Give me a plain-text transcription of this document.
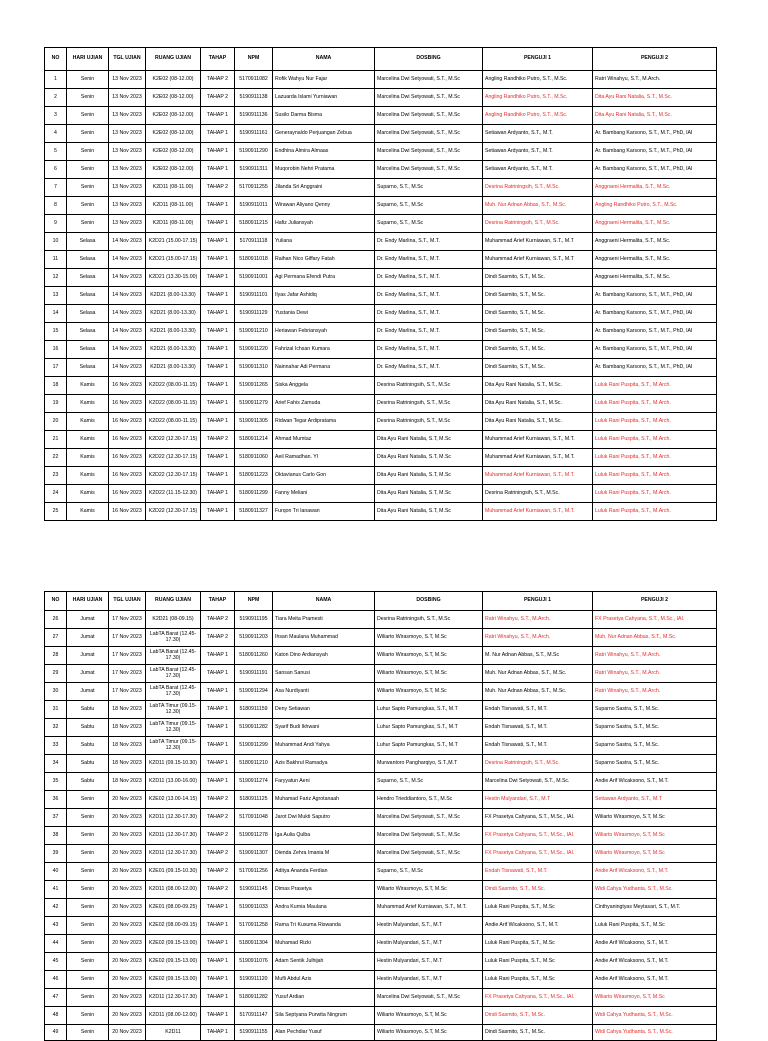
NO	HARI UJIAN	TGL UJIAN	RUANG UJIAN	TAHAP	NPM	NAMA	DOSBING	PENGUJI 1	PENGUJI 2
1	Senin	13 Nov 2023	K2E02 (08-12.00)	TAHAP 2	5170911082	Rofik Wahyu Nur Fajar	Marcelina Dwi Setyowati, S.T., M.Sc	Angling Randhiko Putro, S.T., M.Sc.	Ratri Winahyu, S.T., M.Arch.
2	Senin	13 Nov 2023	K2E02 (08-12.00)	TAHAP 2	5190911138	Lazuarda Islami Yurniawan	Marcelina Dwi Setyowati, S.T., M.Sc	Angling Randhiko Putro, S.T., M.Sc.	Dita Ayu Rani Natalia, S.T., M.Sc.
3	Senin	13 Nov 2023	K2E02 (08-12.00)	TAHAP 1	5190911136	Susilo Darma Bisma	Marcelina Dwi Setyowati, S.T., M.Sc	Angling Randhiko Putro, S.T., M.Sc.	Dita Ayu Rani Natalia, S.T., M.Sc.
4	Senin	13 Nov 2023	K2E02 (08-12.00)	TAHAP 1	5190911161	Generaynaldo Perjuangan Zebua	Marcelina Dwi Setyowati, S.T., M.Sc	Setiawan Ardyanto, S.T., M.T.	Ar. Bambang Karsono, S.T., M.T., PhD, IAI
5	Senin	13 Nov 2023	K2E02 (08-12.00)	TAHAP 1	5190911290	Endhina Almira Almaas	Marcelina Dwi Setyowati, S.T., M.Sc	Setiawan Ardyanto, S.T., M.T.	Ar. Bambang Karsono, S.T., M.T., PhD, IAI
6	Senin	13 Nov 2023	K2E02 (08-12.00)	TAHAP 1	5190911311	Muqorobin Nehri Pratama	Marcelina Dwi Setyowati, S.T., M.Sc	Setiawan Ardyanto, S.T., M.T.	Ar. Bambang Karsono, S.T., M.T., PhD, IAI
7	Senin	13 Nov 2023	K2D11 (08-11.00)	TAHAP 2	5170911255	Jilanda Sri Anggraini	Suparno, S.T., M.Sc	Desrina Ratriningsih, S.T., M.Sc.	Anggraeni Hermalita, S.T., M.Sc.
8	Senin	13 Nov 2023	K2D11 (08-11.00)	TAHAP 1	5190911011	Wirawan Aliyano Qenny	Suparno, S.T., M.Sc	Muh. Nur Adnan Abbas, S.T., M.Sc.	Angling Randhiko Putro, S.T., M.Sc.
9	Senin	13 Nov 2023	K2D11 (08-11.00)	TAHAP 1	5180911215	Hafiz Juliansyah	Suparno, S.T., M.Sc	Desrina Ratriningsih, S.T., M.Sc.	Anggraeni Hermalita, S.T., M.Sc.
10	Selasa	14 Nov 2023	K2D21 (15.00-17.15)	TAHAP 1	5170911118	Yuliana	Dr. Endy Marlina, S.T., M.T.	Muhammad Arief Kurniawan, S.T., M.T	Anggraeni Hermalita, S.T., M.Sc.
11	Selasa	14 Nov 2023	K2D21 (15.00-17.15)	TAHAP 1	5180911018	Raihan Nico Giffary Fatah	Dr. Endy Marlina, S.T., M.T.	Muhammad Arief Kurniawan, S.T., M.T	Anggraeni Hermalita, S.T., M.Sc.
12	Selasa	14 Nov 2023	K2D21 (13.30-15.00)	TAHAP 1	5190911001	Agi Permana Efendi Putra	Dr. Endy Marlina, S.T., M.T.	Dindi Sasmito, S.T., M.Sc.	Anggraeni Hermalita, S.T., M.Sc.
13	Selasa	14 Nov 2023	K2D21 (8.00-13.30)	TAHAP 1	5190911101	Ilyas Jafar Ashidiq	Dr. Endy Marlina, S.T., M.T.	Dindi Sasmito, S.T., M.Sc.	Ar. Bambang Karsono, S.T., M.T., PhD, IAI
14	Selasa	14 Nov 2023	K2D21 (8.00-13.30)	TAHAP 1	5190911129	Yustania Dewi	Dr. Endy Marlina, S.T., M.T.	Dindi Sasmito, S.T., M.Sc.	Ar. Bambang Karsono, S.T., M.T., PhD, IAI
15	Selasa	14 Nov 2023	K2D21 (8.00-13.30)	TAHAP 1	5190911210	Heriawan Febriansyah	Dr. Endy Marlina, S.T., M.T.	Dindi Sasmito, S.T., M.Sc.	Ar. Bambang Karsono, S.T., M.T., PhD, IAI
16	Selasa	14 Nov 2023	K2D21 (8.00-13.30)	TAHAP 1	5190911220	Fahrizal Ichsan Kumara	Dr. Endy Marlina, S.T., M.T.	Dindi Sasmito, S.T., M.Sc.	Ar. Bambang Karsono, S.T., M.T., PhD, IAI
17	Selasa	14 Nov 2023	K2D21 (8.00-13.30)	TAHAP 1	5190911310	Nainnahar Adi Permana	Dr. Endy Marlina, S.T., M.T.	Dindi Sasmito, S.T., M.Sc.	Ar. Bambang Karsono, S.T., M.T., PhD, IAI
18	Kamis	16 Nov 2023	K2D22 (08.00-11.15)	TAHAP 1	5190911265	Siska Anggela	Desrina Ratriningsih, S.T., M.Sc	Dita Ayu Rani Natalia, S.T., M.Sc.	Luluk Rani Puspita, S.T., M.Arch.
19	Kamis	16 Nov 2023	K2D22 (08.00-11.15)	TAHAP 1	5190911279	Arief Fahis Zamuda	Desrina Ratriningsih, S.T., M.Sc	Dita Ayu Rani Natalia, S.T., M.Sc.	Luluk Rani Puspita, S.T., M.Arch.
20	Kamis	16 Nov 2023	K2D22 (08.00-11.15)	TAHAP 1	5190911305	Ridwan Tegar Ardipratama	Desrina Ratriningsih, S.T., M.Sc	Dita Ayu Rani Natalia, S.T., M.Sc.	Luluk Rani Puspita, S.T., M.Arch.
21	Kamis	16 Nov 2023	K2D22 (12.30-17.15)	TAHAP 2	5180911214	Ahmad Mumtaz	Dita Ayu Rani Natalia, S.T, M.Sc	Muhammad Arief Kurniawan, S.T., M.T.	Luluk Rani Puspita, S.T., M.Arch.
22	Kamis	16 Nov 2023	K2D22 (12.30-17.15)	TAHAP 1	5180911060	Aeil Ramadhan. YI	Dita Ayu Rani Natalia, S.T, M.Sc	Muhammad Arief Kurniawan, S.T., M.T.	Luluk Rani Puspita, S.T., M.Arch.
23	Kamis	16 Nov 2023	K2D22 (12.30-17.15)	TAHAP 1	5180911223	Oktavianus Carlo Gon	Dita Ayu Rani Natalia, S.T, M.Sc	Muhammad Arief Kurniawan, S.T., M.T.	Luluk Rani Puspita, S.T., M.Arch.
24	Kamis	16 Nov 2023	K2D22 (11.15-12.30)	TAHAP 1	5180911299	Fanny Meliani	Dita Ayu Rani Natalia, S.T, M.Sc	Desrina Ratriningsih, S.T., M.Sc.	Luluk Rani Puspita, S.T., M.Arch.
25	Kamis	16 Nov 2023	K2D22 (12.30-17.15)	TAHAP 1	5180911327	Furqon Tri Ianawan	Dita Ayu Rani Natalia, S.T, M.Sc	Muhammad Arief Kurniawan, S.T., M.T.	Luluk Rani Puspita, S.T., M.Arch.
NO	HARI UJIAN	TGL UJIAN	RUANG UJIAN	TAHAP	NPM	NAMA	DOSBING	PENGUJI 1	PENGUJI 2
26	Jumat	17 Nov 2023	K2D21 (08-09.15)	TAHAP 2	5190911195	Tiara Meita Pramesti	Desrina Ratriningsih, S.T., M.Sc	Ratri Winahyu, S.T., M.Arch.	FX Prasetya Cahyana, S.T., M.Sc., IAI.
27	Jumat	17 Nov 2023	LabTA Barat (12.45-17.30)	TAHAP 2	5190911203	Ihsan Maulana Muhammad	Wiliarto Wirasmoyo, S.T, M.Sc	Ratri Winahyu, S.T., M.Arch.	Muh. Nur Adnan Abbas, S.T., M.Sc.
28	Jumat	17 Nov 2023	LabTA Barat (12.45-17.30)	TAHAP 1	5180911260	Katon Dino Ardiansyah	Wiliarto Wirasmoyo, S.T, M.Sc	M. Nur Adnan Abbas, S.T., M.Sc	Ratri Winahyu, S.T., M.Arch.
29	Jumat	17 Nov 2023	LabTA Barat (12.45-17.30)	TAHAP 1	5190911191	Sansan Sanusi	Wiliarto Wirasmoyo, S.T, M.Sc	Muh. Nur Adnan Abbas, S.T., M.Sc.	Ratri Winahyu, S.T., M.Arch.
30	Jumat	17 Nov 2023	LabTA Barat (12.45-17.30)	TAHAP 1	5190911294	Asa Nurdiyanti	Wiliarto Wirasmoyo, S.T, M.Sc	Muh. Nur Adnan Abbas, S.T., M.Sc.	Ratri Winahyu, S.T., M.Arch.
31	Sabtu	18 Nov 2023	LabTA Timur (09.15-12.30)	TAHAP 1	5180911159	Deny Setiawan	Luhur Sapto Pamungkas, S.T., M.T	Endah Tisnawati, S.T., M.T.	Suparno Sastra, S.T., M.Sc.
32	Sabtu	18 Nov 2023	LabTA Timur (09.15-12.30)	TAHAP 1	5190911282	Syarif Budi Ikhwani	Luhur Sapto Pamungkas, S.T., M.T	Endah Tisnawati, S.T., M.T.	Suparno Sastra, S.T., M.Sc.
33	Sabtu	18 Nov 2023	LabTA Timur (09.15-12.30)	TAHAP 1	5190911299	Muhammad Andi Yahya	Luhur Sapto Pamungkas, S.T., M.T	Endah Tisnawati, S.T., M.T.	Suparno Sastra, S.T., M.Sc.
34	Sabtu	18 Nov 2023	K2D11 (09.15-10.30)	TAHAP 1	5180911210	Azis Bakhrul Ramadya	Murwantoro Pangharqiyo, S.T.,M.T	Desrina Ratriningsih, S.T., M.Sc.	Suparno Sastra, S.T., M.Sc.
35	Sabtu	18 Nov 2023	K2D11 (13.00-16.00)	TAHAP 1	5190911274	Faryyatun Aeni	Suparno, S.T., M.Sc	Marcelina Dwi Setyowati, S.T., M.Sc.	Andie Arif Wicaksono, S.T., M.T.
36	Senin	20 Nov 2023	K2E02 (13.00-14.15)	TAHAP 2	5180911125	Muhamad Fariz Agrotanaah	Hendro Trieddiantoro, S.T., M.Sc	Hestin Mulyandari, S.T., M.T	Setiawan Ardyanto, S.T., M.T
37	Senin	20 Nov 2023	K2D11 (12.30-17.30)	TAHAP 2	5170911048	Jarot Dwi Mukti Saputro	Marcelina Dwi Setyowati, S.T., M.Sc	FX Prasetya Cahyana, S.T., M.Sc., IAI.	Wiliarto Wirasmoyo, S.T, M.Sc
38	Senin	20 Nov 2023	K2D11 (12.30-17.30)	TAHAP 2	5190911278	Iga Aulia Qulba	Marcelina Dwi Setyowati, S.T., M.Sc	FX Prasetya Cahyana, S.T., M.Sc., IAI.	Wiliarto Wirasmoyo, S.T, M.Sc
39	Senin	20 Nov 2023	K2D11 (12.30-17.30)	TAHAP 2	5190911307	Dienda Zehra Imania M	Marcelina Dwi Setyowati, S.T., M.Sc	FX Prasetya Cahyana, S.T., M.Sc., IAI.	Wiliarto Wirasmoyo, S.T, M.Sc
40	Senin	20 Nov 2023	K2E01 (09.15-10.30)	TAHAP 2	5170911256	Aditya Ananda Ferdian	Suparno, S.T., M.Sc	Endah Tisnawati, S.T., M.T.	Andie Arif Wicaksono, S.T., M.T.
41	Senin	20 Nov 2023	K2D11 (08.00-12.00)	TAHAP 2	5190911145	Dimas Prasetya	Wiliarto Wirasmoyo, S.T, M.Sc	Dindi Sasmito, S.T., M.Sc.	Widi Cahya Yudhanta, S.T., M.Sc.
42	Senin	20 Nov 2023	K2E01 (08.00-09.25)	TAHAP 1	5190911033	Andra Kurnia Maulana	Muhammad Arief Kurniawan, S.T., M.T.	Luluk Rani Puspita, S.T., M.Sc	Cinthyaningtyas Meytasari, S.T., M.T.
43	Senin	20 Nov 2023	K2E02 (08.00-09.15)	TAHAP 1	5170911258	Rama Tri Kusuma Riswanda	Hestin Mulyandari, S.T., M.T	Andie Arif Wicaksono, S.T., M.T.	Luluk Rani Puspita, S.T., M.Sc
44	Senin	20 Nov 2023	K2E02 (09.15-13.00)	TAHAP 1	5180911304	Muhamad Rizki	Hestin Mulyandari, S.T., M.T	Luluk Rani Puspita, S.T., M.Sc	Andie Arif Wicaksono, S.T., M.T.
45	Senin	20 Nov 2023	K2E02 (09.15-13.00)	TAHAP 1	5190911076	Adam Sentik Julhijah	Hestin Mulyandari, S.T., M.T	Luluk Rani Puspita, S.T., M.Sc	Andie Arif Wicaksono, S.T., M.T.
46	Senin	20 Nov 2023	K2E02 (09.15-13.00)	TAHAP 1	5190911120	Mufli Abdul Azis	Hestin Mulyandari, S.T., M.T	Luluk Rani Puspita, S.T., M.Sc	Andie Arif Wicaksono, S.T., M.T.
47	Senin	20 Nov 2023	K2D11 (12.30-17.30)	TAHAP 1	5180911282	Yusuf Ardian	Marcelina Dwi Setyowati, S.T., M.Sc	FX Prasetya Cahyana, S.T., M.Sc., IAI.	Wiliarto Wirasmoyo, S.T, M.Sc
48	Senin	20 Nov 2023	K2D11 (08.00-12.00)	TAHAP 1	5170911147	Sila Septyana Purwita Ningrum	Wiliarto Wirasmoyo, S.T, M.Sc	Dindi Sasmito, S.T., M.Sc.	Widi Cahya Yudhanta, S.T., M.Sc.
49	Senin	20 Nov 2023	K2D11	TAHAP 1	5190911155	Alan Pechdiar Yusuf	Wiliarto Wirasmoyo, S.T, M.Sc	Dindi Sasmito, S.T., M.Sc.	Widi Cahya Yudhanta, S.T., M.Sc.
